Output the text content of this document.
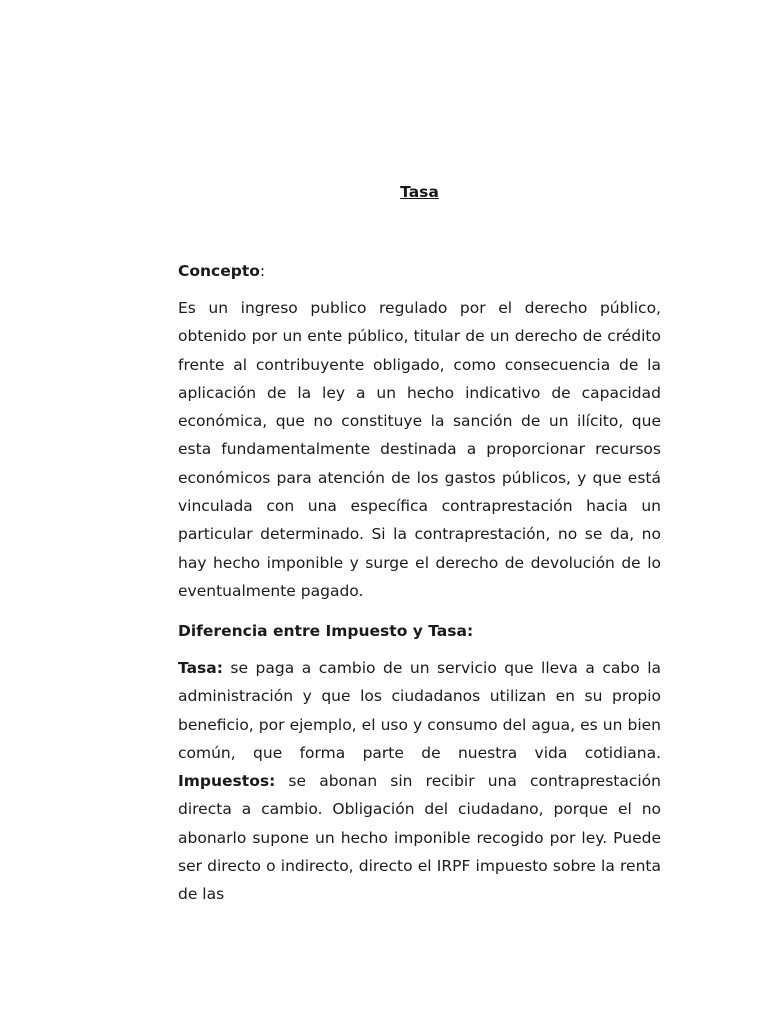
Tasa

Concepto:

Es un ingreso publico regulado por el derecho público, obtenido por un ente público, titular de un derecho de crédito frente al contribuyente obligado, como consecuencia de la aplicación de la ley a un hecho indicativo de capacidad económica, que no constituye la sanción de un ilícito, que esta fundamentalmente destinada a proporcionar recursos económicos para atención de los gastos públicos, y que está vinculada con una específica contraprestación hacia un particular determinado. Si la contraprestación, no se da, no hay hecho imponible y surge el derecho de devolución de lo eventualmente pagado.

Diferencia entre Impuesto y Tasa:

Tasa: se paga a cambio de un servicio que lleva a cabo la administración y que los ciudadanos utilizan en su propio beneficio, por ejemplo, el uso y consumo del agua, es un bien común, que forma parte de nuestra vida cotidiana. Impuestos: se abonan sin recibir una contraprestación directa a cambio. Obligación del ciudadano, porque el no abonarlo supone un hecho imponible recogido por ley. Puede ser directo o indirecto, directo el IRPF impuesto sobre la renta de las
